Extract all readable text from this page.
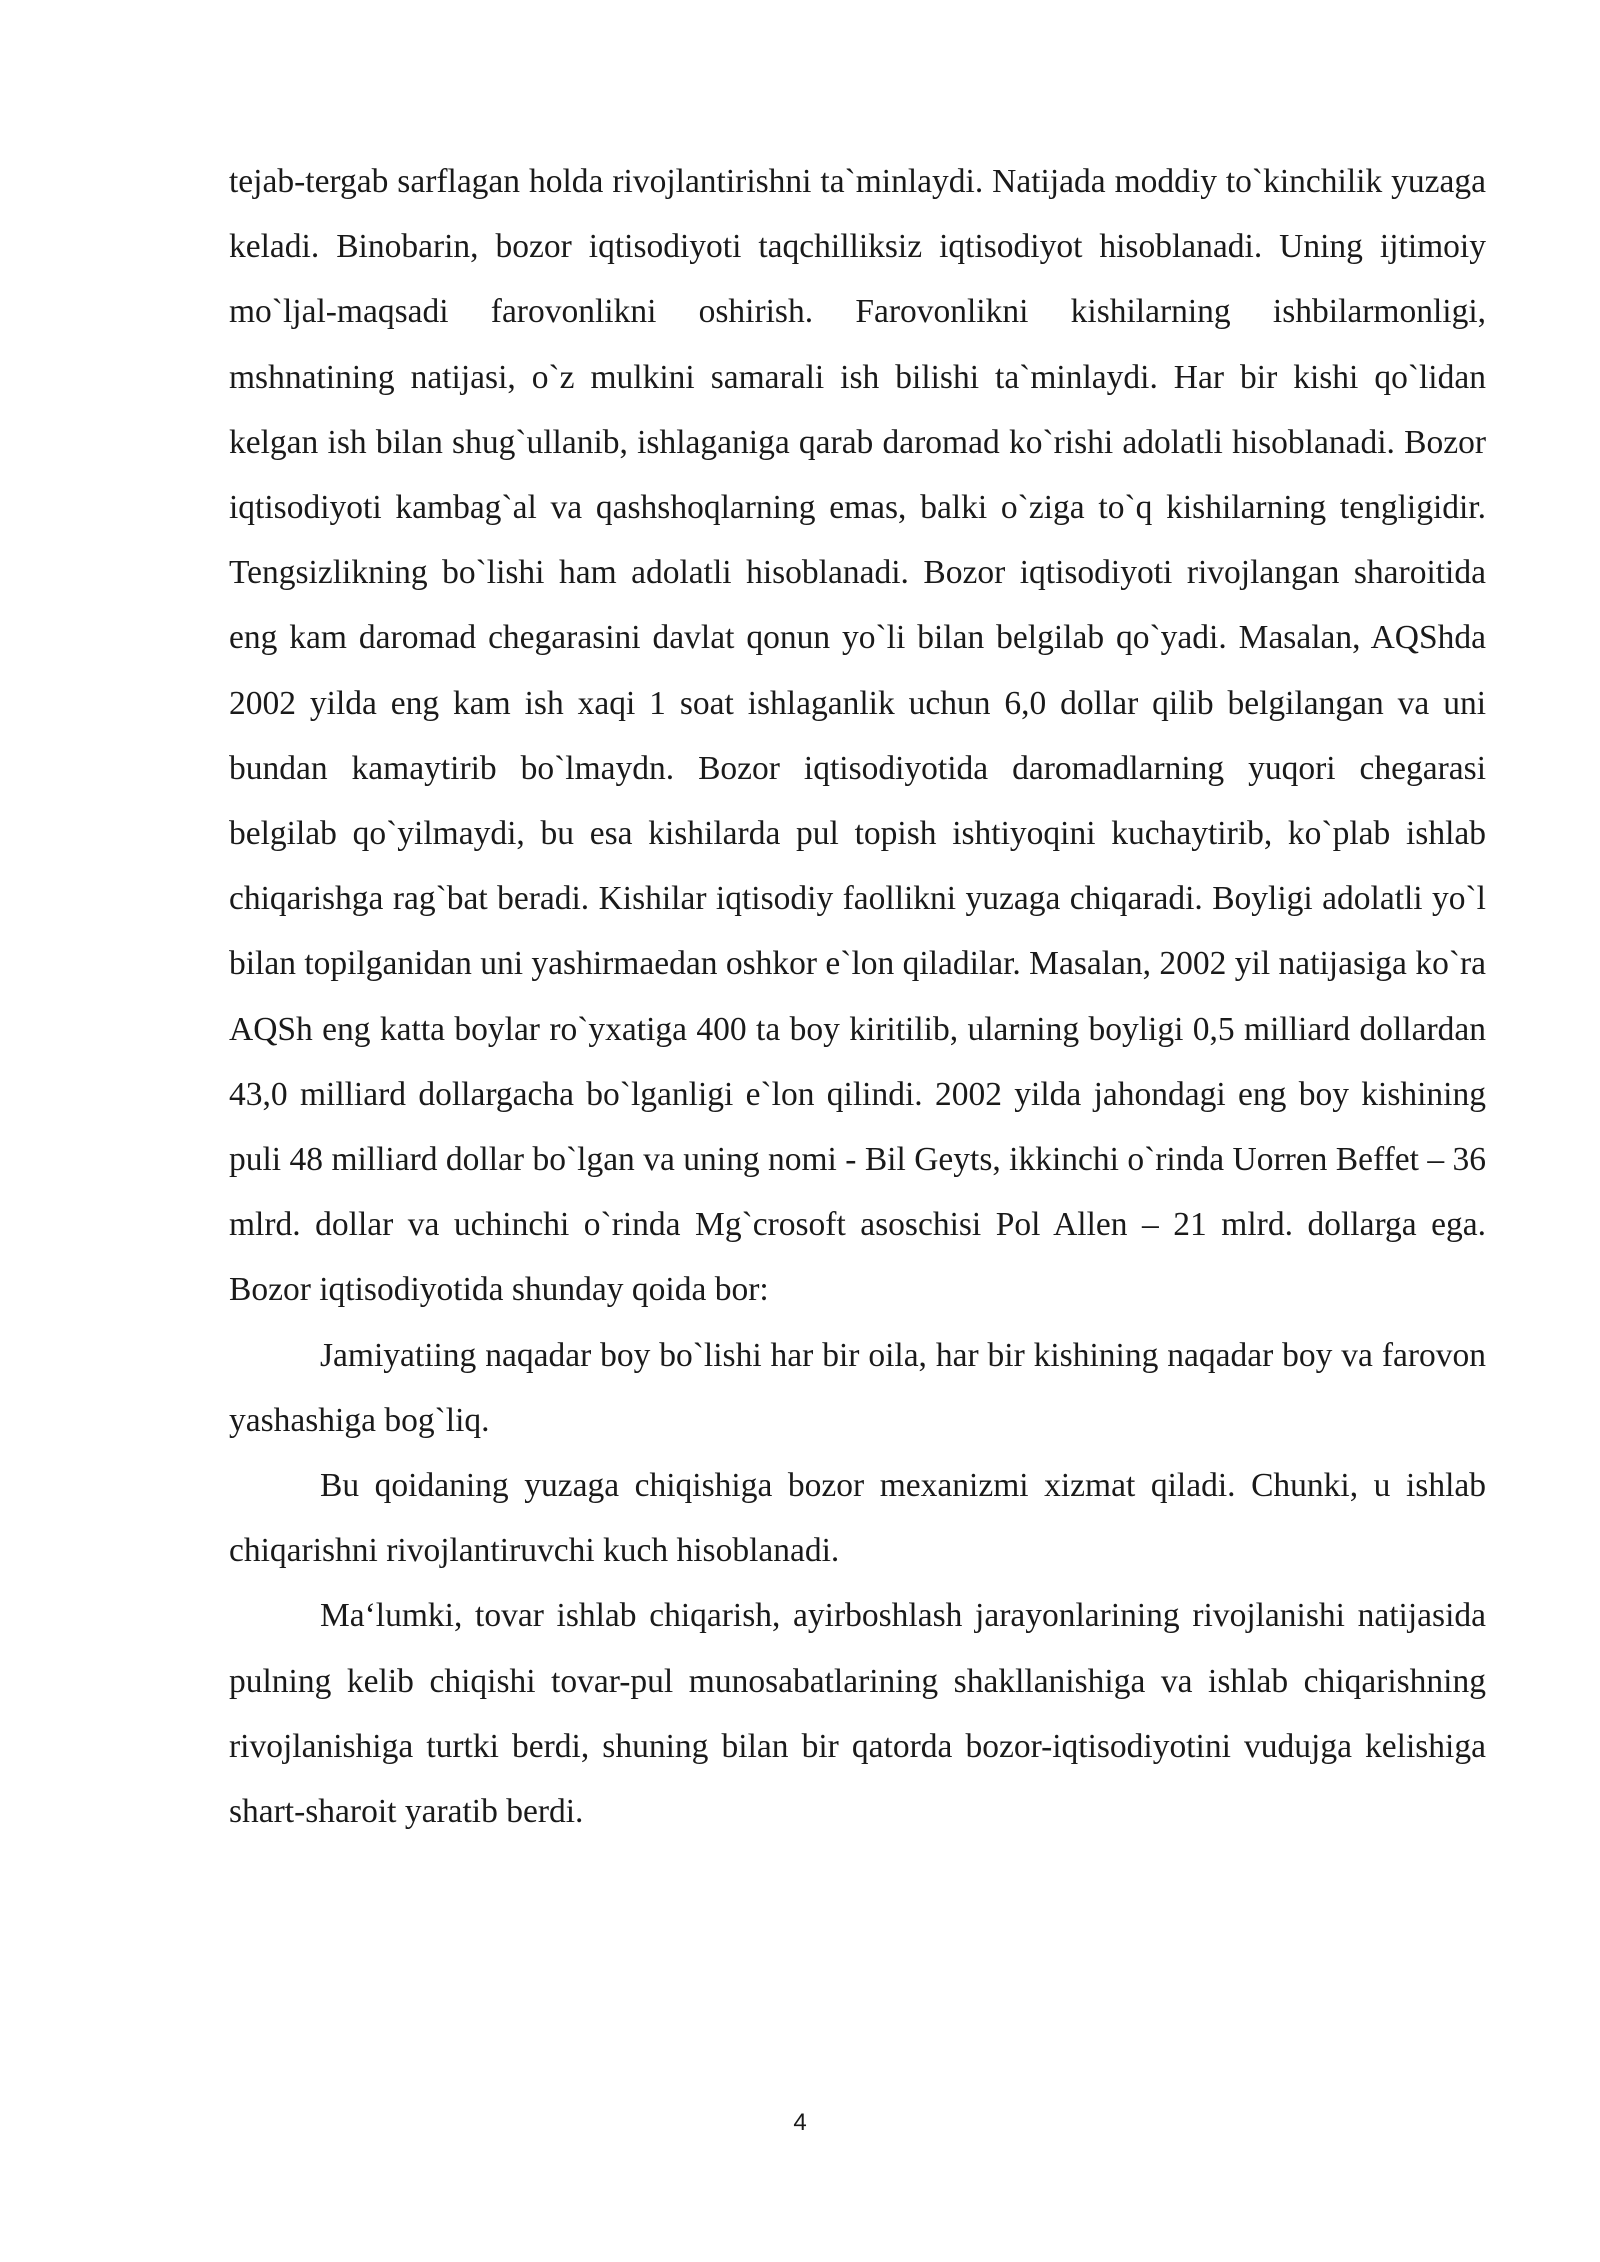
tejab-tergab sarflagan holda rivojlantirishni ta`minlaydi. Natijada moddiy to`kinchilik yuzaga keladi. Binobarin, bozor iqtisodiyoti taqchilliksiz iqtisodiyot hisoblanadi. Uning ijtimoiy mo`ljal-maqsadi farovonlikni oshirish. Farovonlikni kishilarning ishbilarmonligi, mshnatining natijasi, o`z mulkini samarali ish bilishi ta`minlaydi. Har bir kishi qo`lidan kelgan ish bilan shug`ullanib, ishlaganiga qarab daromad ko`rishi adolatli hisoblanadi. Bozor iqtisodiyoti kambag`al va qashshoqlarning emas, balki o`ziga to`q kishilarning tengligidir. Tengsizlikning bo`lishi ham adolatli hisoblanadi. Bozor iqtisodiyoti rivojlangan sharoitida eng kam daromad chegarasini davlat qonun yo`li bilan belgilab qo`yadi. Masalan, AQShda 2002 yilda eng kam ish xaqi 1 soat ishlaganlik uchun 6,0 dollar qilib belgilangan va uni bundan kamaytirib bo`lmaydn. Bozor iqtisodiyotida daromadlarning yuqori chegarasi belgilab qo`yilmaydi, bu esa kishilarda pul topish ishtiyoqini kuchaytirib, ko`plab ishlab chiqarishga rag`bat beradi. Kishilar iqtisodiy faollikni yuzaga chiqaradi. Boyligi adolatli yo`l bilan topilganidan uni yashirmaedan oshkor e`lon qiladilar. Masalan, 2002 yil natijasiga ko`ra AQSh eng katta boylar ro`yxatiga 400 ta boy kiritilib, ularning boyligi 0,5 milliard dollardan 43,0 milliard dollargacha bo`lganligi e`lon qilindi. 2002 yilda jahondagi eng boy kishining puli 48 milliard dollar bo`lgan va uning nomi - Bil Geyts, ikkinchi o`rinda Uorren Beffet – 36 mlrd. dollar va uchinchi o`rinda Mg`crosoft asoschisi Pol Allen – 21 mlrd. dollarga ega. Bozor iqtisodiyotida shunday qoida bor:

Jamiyatiing naqadar boy bo`lishi har bir oila, har bir kishining naqadar boy va farovon yashashiga bog`liq.

Bu qoidaning yuzaga chiqishiga bozor mexanizmi xizmat qiladi. Chunki, u ishlab chiqarishni rivojlantiruvchi kuch hisoblanadi.

Ma‘lumki, tovar ishlab chiqarish, ayirboshlash jarayonlarining rivojlanishi natijasida pulning kelib chiqishi tovar-pul munosabatlarining shakllanishiga va ishlab chiqarishning rivojlanishiga turtki berdi, shuning bilan bir qatorda bozor-iqtisodiyotini vudujga kelishiga shart-sharoit yaratib berdi.

4
